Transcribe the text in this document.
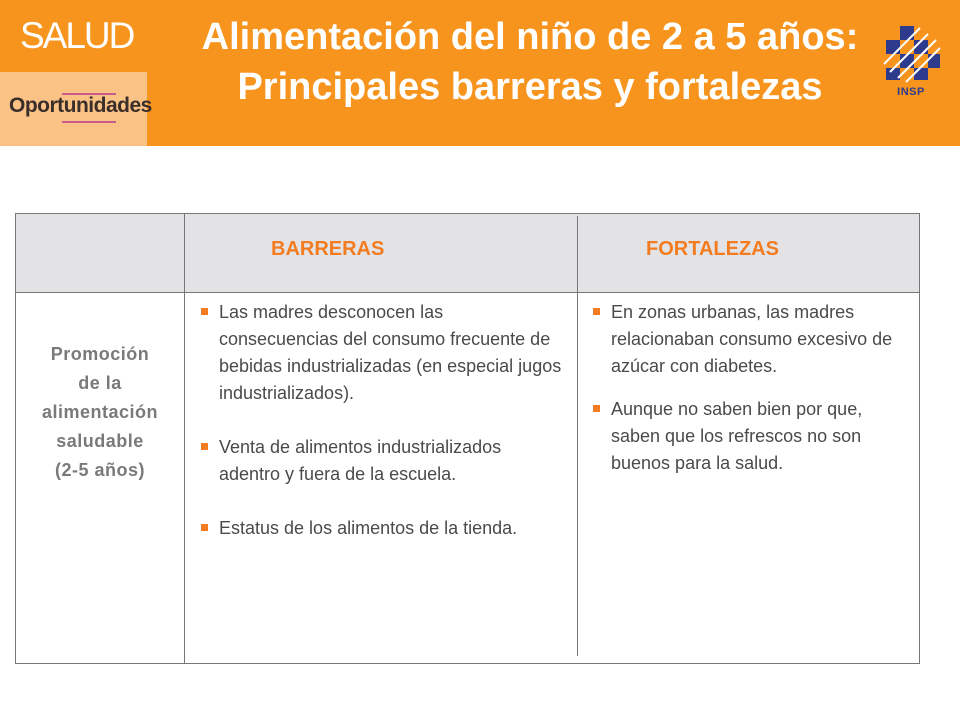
SALUD
Oportunidades
Alimentación del niño de 2 a 5 años:
Principales barreras y fortalezas	INSP
BARRERAS	FORTALEZAS
Promoción
de la
alimentación
saludable
(2-5 años)
Las madres desconocen las consecuencias del consumo frecuente de bebidas industrializadas (en especial jugos industrializados).
Venta de alimentos industrializados adentro y fuera de la escuela.
Estatus de los alimentos de la tienda.
En zonas urbanas, las madres relacionaban consumo excesivo de azúcar con diabetes.
Aunque no saben bien por que, saben que los refrescos no son buenos para la salud.
